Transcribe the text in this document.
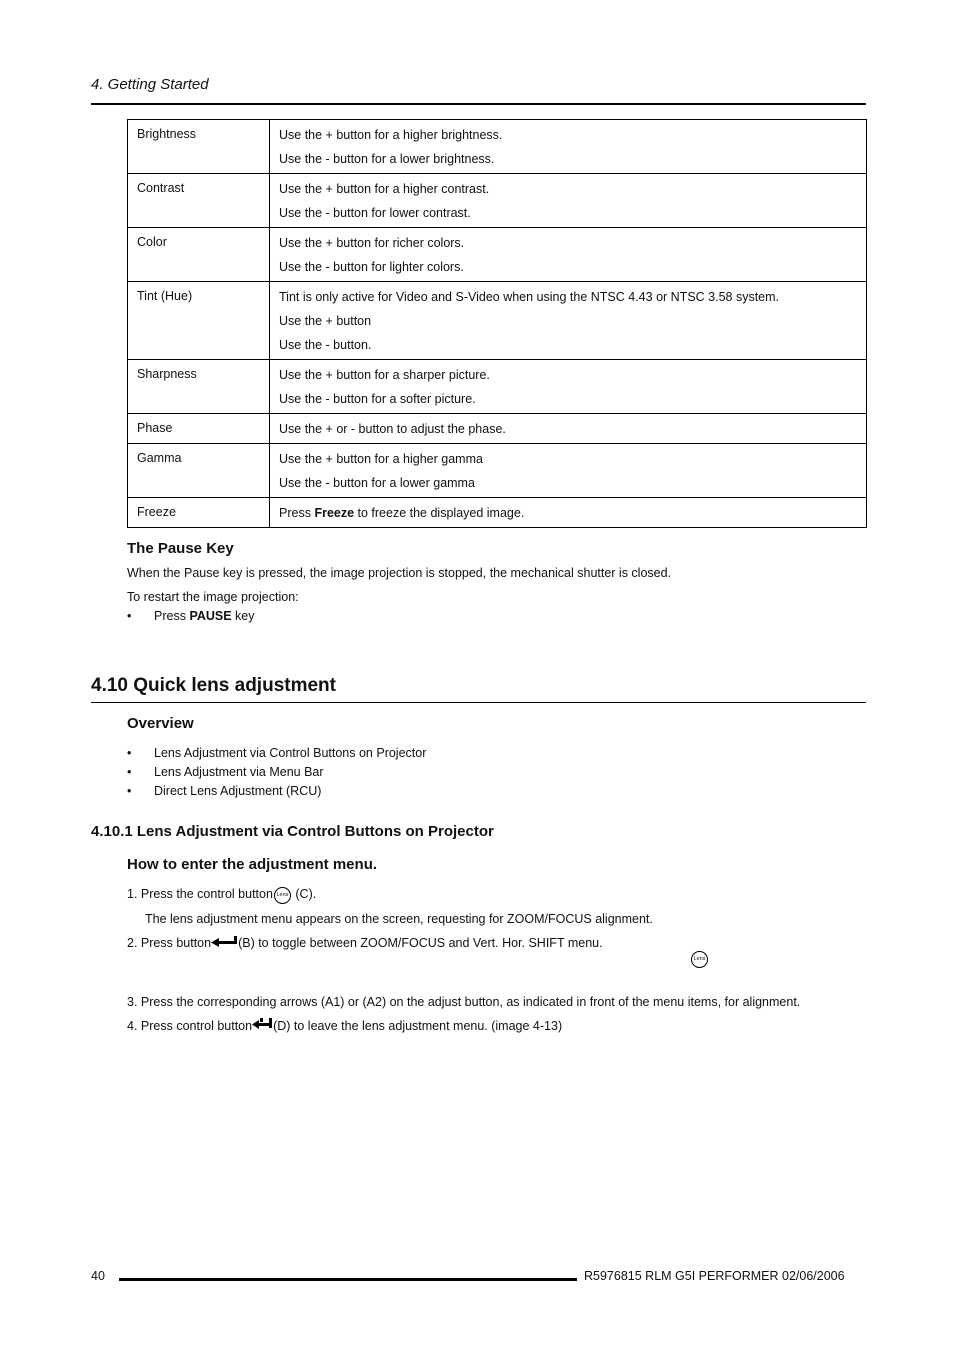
4. Getting Started
Brightness	Use the + button for a higher brightness.
Use the - button for a lower brightness.

Contrast	Use the + button for a higher contrast.
Use the - button for lower contrast.

Color	Use the + button for richer colors.
Use the - button for lighter colors.

Tint (Hue)	Tint is only active for Video and S-Video when using the NTSC 4.43 or NTSC 3.58 system.
Use the + button
Use the - button.

Sharpness	Use the + button for a sharper picture.
Use the - button for a softer picture.

Phase	Use the + or - button to adjust the phase.

Gamma	Use the + button for a higher gamma
Use the - button for a lower gamma

Freeze	Press Freeze to freeze the displayed image.
The Pause Key
When the Pause key is pressed, the image projection is stopped, the mechanical shutter is closed.
To restart the image projection:
• Press PAUSE key
4.10 Quick lens adjustment
Overview
• Lens Adjustment via Control Buttons on Projector
• Lens Adjustment via Menu Bar
• Direct Lens Adjustment (RCU)
4.10.1 Lens Adjustment via Control Buttons on Projector
How to enter the adjustment menu.
1. Press the control button Lens (C).
The lens adjustment menu appears on the screen, requesting for ZOOM/FOCUS alignment.
2. Press button (B) to toggle between ZOOM/FOCUS and Vert. Hor. SHIFT menu.
Lens
3. Press the corresponding arrows (A1) or (A2) on the adjust button, as indicated in front of the menu items, for alignment.
4. Press control button (D) to leave the lens adjustment menu. (image 4-13)
40	R5976815 RLM G5I PERFORMER 02/06/2006
